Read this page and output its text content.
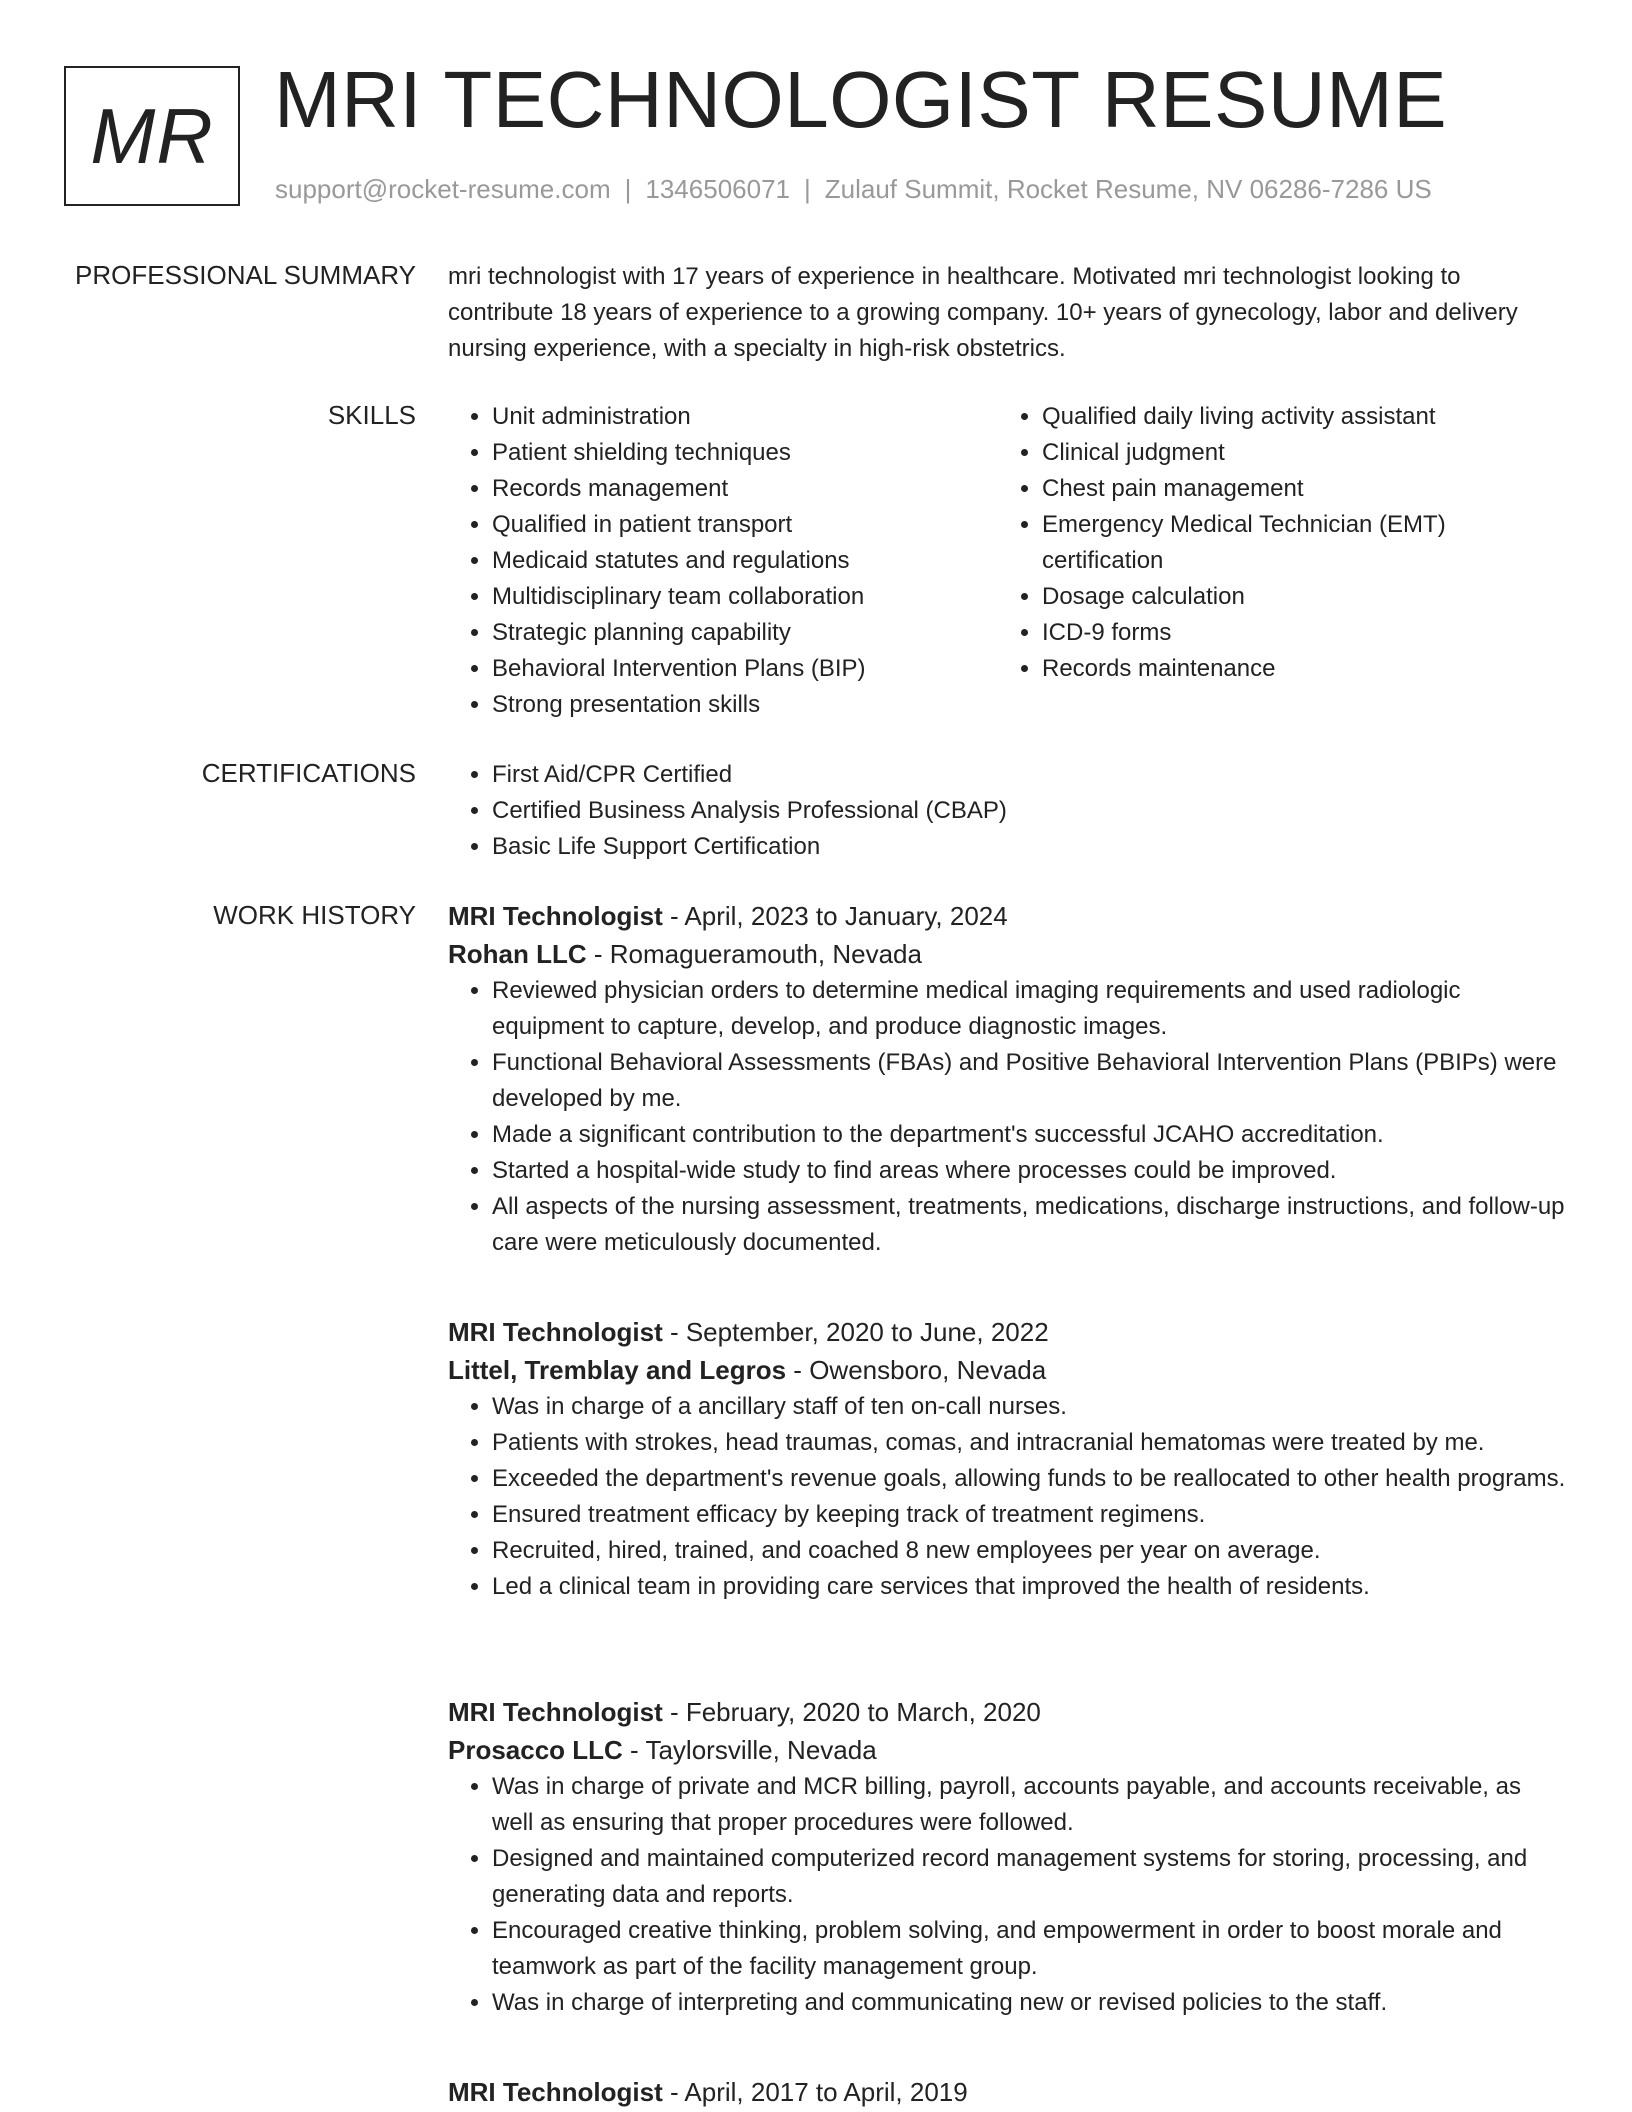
MR MRI TECHNOLOGIST RESUME
support@rocket-resume.com | 1346506071 | Zulauf Summit, Rocket Resume, NV 06286-7286 US
PROFESSIONAL SUMMARY mri technologist with 17 years of experience in healthcare. Motivated mri technologist looking to contribute 18 years of experience to a growing company. 10+ years of gynecology, labor and delivery nursing experience, with a specialty in high-risk obstetrics.

SKILLS	• Unit administration
• Patient shielding techniques
• Records management
• Qualified in patient transport
• Medicaid statutes and regulations
• Multidisciplinary team collaboration
• Strategic planning capability
• Behavioral Intervention Plans (BIP)
• Strong presentation skills
• Qualified daily living activity assistant
• Clinical judgment
• Chest pain management
• Emergency Medical Technician (EMT) certification
• Dosage calculation
• ICD-9 forms
• Records maintenance
CERTIFICATIONS	• First Aid/CPR Certified
• Certified Business Analysis Professional (CBAP)
• Basic Life Support Certification
WORK HISTORY MRI Technologist - April, 2023 to January, 2024
Rohan LLC - Romagueramouth, Nevada
• Reviewed physician orders to determine medical imaging requirements and used radiologic equipment to capture, develop, and produce diagnostic images.
• Functional Behavioral Assessments (FBAs) and Positive Behavioral Intervention Plans (PBIPs) were developed by me.
• Made a significant contribution to the department's successful JCAHO accreditation.
• Started a hospital-wide study to find areas where processes could be improved.
• All aspects of the nursing assessment, treatments, medications, discharge instructions, and follow-up care were meticulously documented.
MRI Technologist - September, 2020 to June, 2022
Littel, Tremblay and Legros - Owensboro, Nevada
• Was in charge of a ancillary staff of ten on-call nurses.
• Patients with strokes, head traumas, comas, and intracranial hematomas were treated by me.
• Exceeded the department's revenue goals, allowing funds to be reallocated to other health programs.
• Ensured treatment efficacy by keeping track of treatment regimens.
• Recruited, hired, trained, and coached 8 new employees per year on average.
• Led a clinical team in providing care services that improved the health of residents.
MRI Technologist - February, 2020 to March, 2020
Prosacco LLC - Taylorsville, Nevada
• Was in charge of private and MCR billing, payroll, accounts payable, and accounts receivable, as well as ensuring that proper procedures were followed.
• Designed and maintained computerized record management systems for storing, processing, and generating data and reports.
• Encouraged creative thinking, problem solving, and empowerment in order to boost morale and teamwork as part of the facility management group.
• Was in charge of interpreting and communicating new or revised policies to the staff.
MRI Technologist - April, 2017 to April, 2019
